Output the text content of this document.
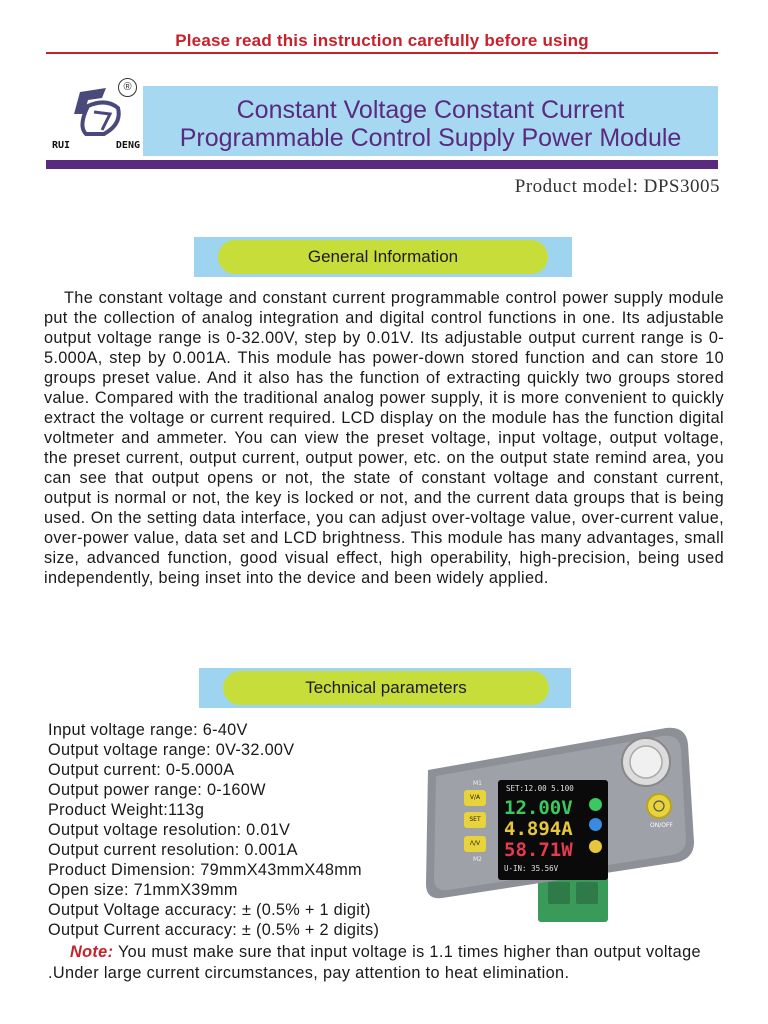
Please read this instruction carefully before using
®
RUI	DENG
Constant Voltage Constant Current
Programmable Control Supply Power Module
Product model: DPS3005
General Information
The constant voltage and constant current programmable control power supply module put the collection of analog integration and digital control functions in one. Its adjustable output voltage range is 0-32.00V, step by 0.01V. Its adjustable output current range is 0-5.000A, step by 0.001A. This module has power-down stored function and can store 10 groups preset value. And it also has the function of extracting quickly two groups stored value. Compared with the traditional analog power supply, it is more convenient to quickly extract the voltage or current required. LCD display on the module has the function digital voltmeter and ammeter. You can view the preset voltage, input voltage, output voltage, the preset current, output current, output power, etc. on the output state remind area, you can see that output opens or not, the state of constant voltage and constant current, output is normal or not, the key is locked or not, and the current data groups that is being used. On the setting data interface, you can adjust over-voltage value, over-current value, over-power value, data set and LCD brightness. This module has many advantages, small size, advanced function, good visual effect, high operability, high-precision, being used independently, being inset into the device and been widely applied.
Technical parameters
Input voltage range: 6-40V
Output voltage range: 0V-32.00V
Output current: 0-5.000A
Output power range: 0-160W
Product Weight:113g
Output voltage resolution: 0.01V
Output current resolution: 0.001A
Product Dimension: 79mmX43mmX48mm
Open size: 71mmX39mm
Output Voltage accuracy: ± (0.5% + 1 digit)
Output Current accuracy: ± (0.5% + 2 digits)
Note: You must make sure that input voltage is 1.1 times higher than output voltage .Under large current circumstances, pay attention to heat elimination.
M1
V/A
SET
Λ/V
M2
ON/OFF
SET:12.00 5.100
12.00V
4.894A
58.71W
U-IN: 35.56V
